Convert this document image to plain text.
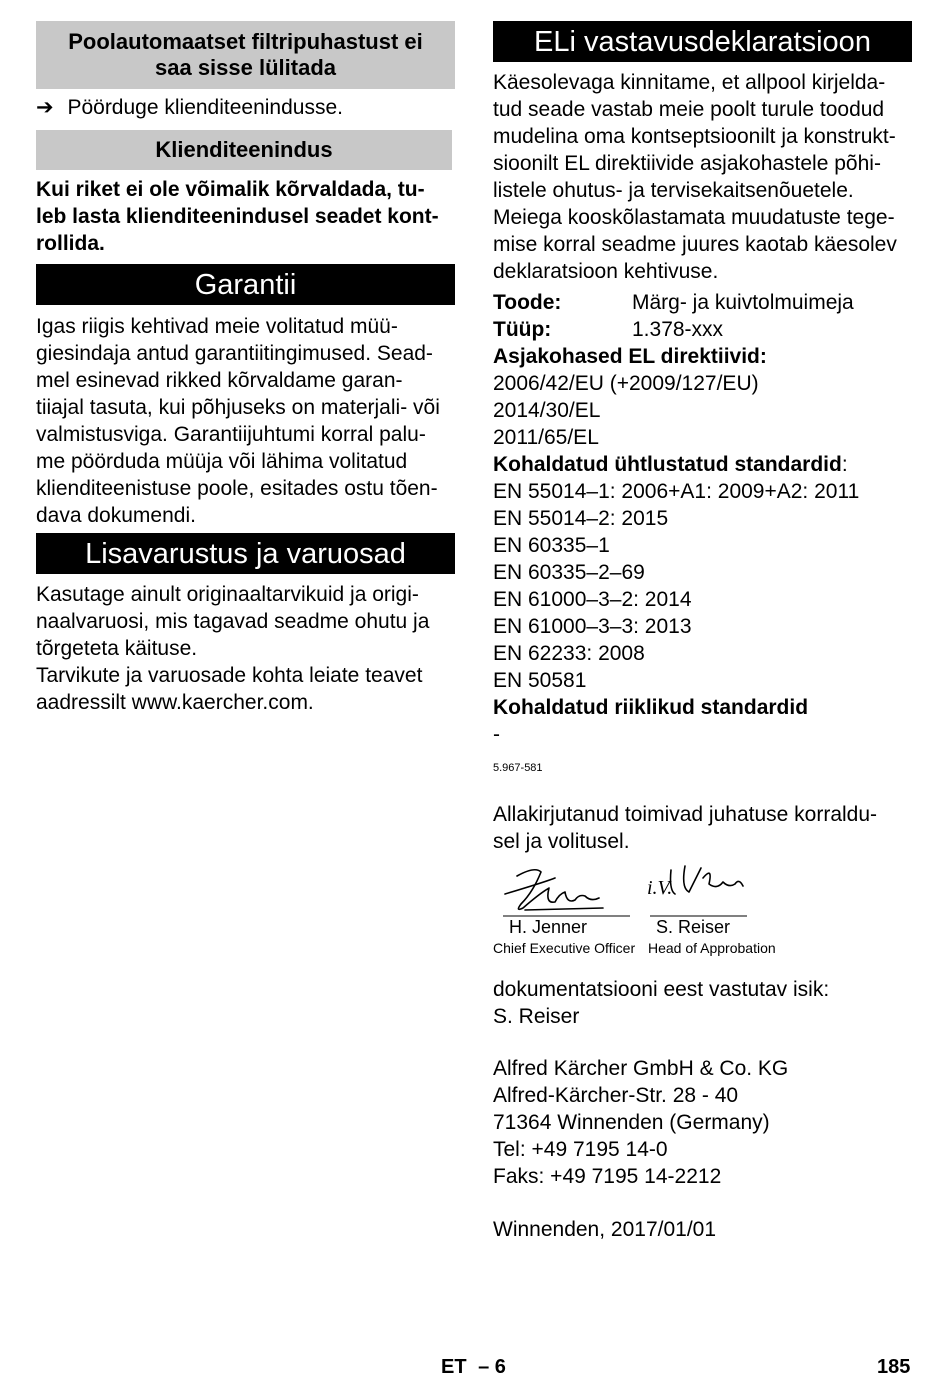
Poolautomaatset filtripuhastust ei
saa sisse lülitada
➔ Pöörduge klienditeenindusse.
Klienditeenindus
Kui riket ei ole võimalik kõrvaldada, tu-
leb lasta klienditeenindusel seadet kont-
rollida.
Garantii
Igas riigis kehtivad meie volitatud müü-
giesindaja antud garantiitingimused. Sead-
mel esinevad rikked kõrvaldame garan-
tiiajal tasuta, kui põhjuseks on materjali- või
valmistusviga. Garantiijuhtumi korral palu-
me pöörduda müüja või lähima volitatud
klienditeenistuse poole, esitades ostu tõen-
dava dokumendi.
Lisavarustus ja varuosad
Kasutage ainult originaaltarvikuid ja origi-
naalvaruosi, mis tagavad seadme ohutu ja
tõrgeteta käituse.
Tarvikute ja varuosade kohta leiate teavet
aadressilt www.kaercher.com.
ELi vastavusdeklaratsioon
Käesolevaga kinnitame, et allpool kirjelda-
tud seade vastab meie poolt turule toodud
mudelina oma kontseptsioonilt ja konstrukt-
sioonilt EL direktiivide asjakohastele põhi-
listele ohutus- ja tervisekaitsenõuetele.
Meiega kooskõlastamata muudatuste tege-
mise korral seadme juures kaotab käesolev
deklaratsioon kehtivuse.
Toode:	Märg- ja kuivtolmuimeja
Tüüp:	1.378-xxx
Asjakohased EL direktiivid:
2006/42/EU (+2009/127/EU)
2014/30/EL
2011/65/EL
Kohaldatud ühtlustatud standardid:
EN 55014–1: 2006+A1: 2009+A2: 2011
EN 55014–2: 2015
EN 60335–1
EN 60335–2–69
EN 61000–3–2: 2014
EN 61000–3–3: 2013
EN 62233: 2008
EN 50581
Kohaldatud riiklikud standardid
-
5.967-581
Allakirjutanud toimivad juhatuse korraldu-
sel ja volitusel.
i.V.
H. Jenner
Chief Executive Officer
S. Reiser
Head of Approbation
dokumentatsiooni eest vastutav isik:
S. Reiser
Alfred Kärcher GmbH & Co. KG
Alfred-Kärcher-Str. 28 - 40
71364 Winnenden (Germany)
Tel: +49 7195 14-0
Faks: +49 7195 14-2212
Winnenden, 2017/01/01
ET – 6	185
